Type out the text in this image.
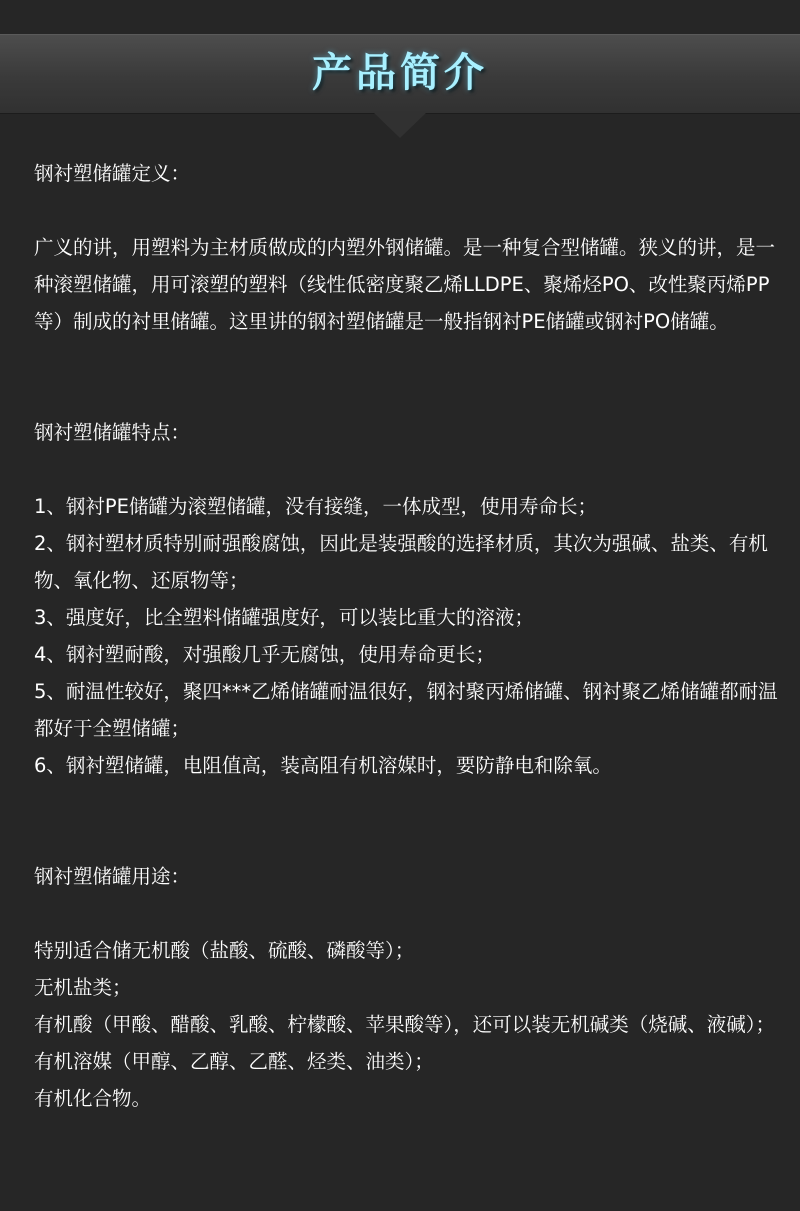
产品简介

钢衬塑储罐定义：

广义的讲，用塑料为主材质做成的内塑外钢储罐。是一种复合型储罐。狭义的讲，是一种滚塑储罐，用可滚塑的塑料（线性低密度聚乙烯LLDPE、聚烯烃PO、改性聚丙烯PP等）制成的衬里储罐。这里讲的钢衬塑储罐是一般指钢衬PE储罐或钢衬PO储罐。

钢衬塑储罐特点：

1、钢衬PE储罐为滚塑储罐，没有接缝，一体成型，使用寿命长；

2、钢衬塑材质特别耐强酸腐蚀，因此是装强酸的选择材质，其次为强碱、盐类、有机物、氧化物、还原物等；

3、强度好，比全塑料储罐强度好，可以装比重大的溶液；

4、钢衬塑耐酸，对强酸几乎无腐蚀，使用寿命更长；

5、耐温性较好，聚四***乙烯储罐耐温很好，钢衬聚丙烯储罐、钢衬聚乙烯储罐都耐温都好于全塑储罐；

6、钢衬塑储罐，电阻值高，装高阻有机溶媒时，要防静电和除氧。

钢衬塑储罐用途：

特别适合储无机酸（盐酸、硫酸、磷酸等）；

无机盐类；

有机酸（甲酸、醋酸、乳酸、柠檬酸、苹果酸等），还可以装无机碱类（烧碱、液碱）；

有机溶媒（甲醇、乙醇、乙醛、烃类、油类）；

有机化合物。
